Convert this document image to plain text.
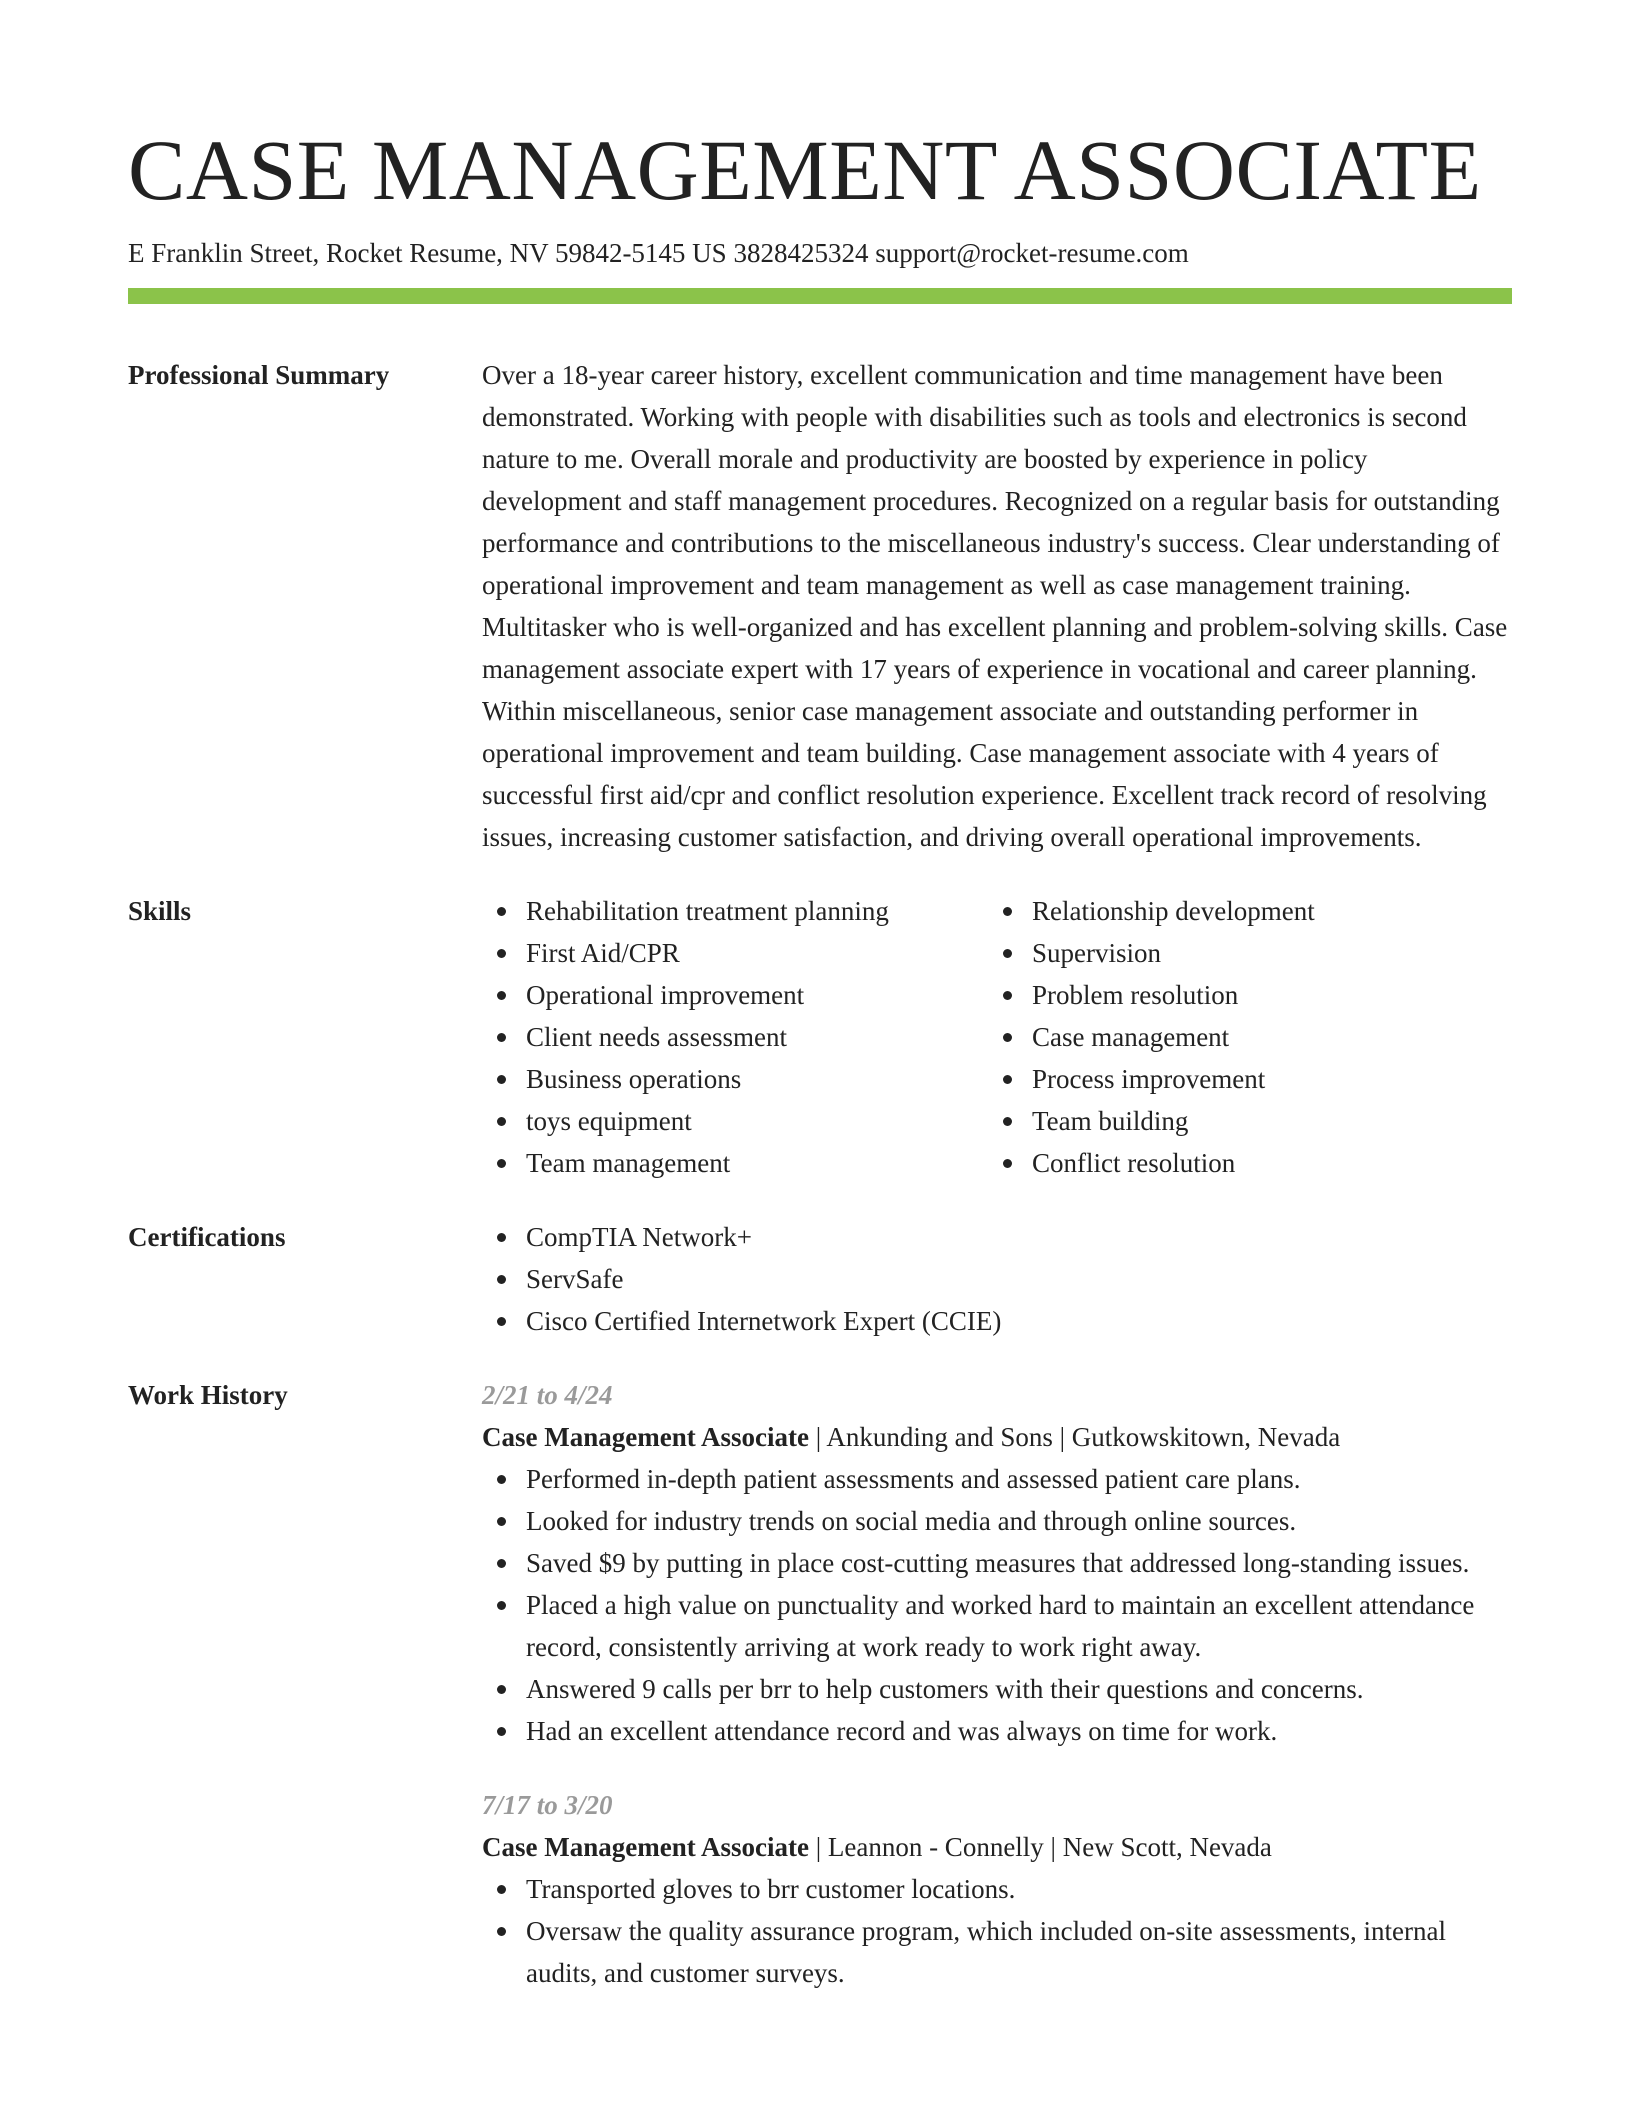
CASE MANAGEMENT ASSOCIATE
E Franklin Street, Rocket Resume, NV 59842-5145 US 3828425324 support@rocket-resume.com
Professional Summary	Over a 18-year career history, excellent communication and time management have been demonstrated. Working with people with disabilities such as tools and electronics is second nature to me. Overall morale and productivity are boosted by experience in policy development and staff management procedures. Recognized on a regular basis for outstanding performance and contributions to the miscellaneous industry's success. Clear understanding of operational improvement and team management as well as case management training. Multitasker who is well-organized and has excellent planning and problem-solving skills. Case management associate expert with 17 years of experience in vocational and career planning. Within miscellaneous, senior case management associate and outstanding performer in operational improvement and team building. Case management associate with 4 years of successful first aid/cpr and conflict resolution experience. Excellent track record of resolving issues, increasing customer satisfaction, and driving overall operational improvements.

Skills	Rehabilitation treatment planning
First Aid/CPR
Operational improvement
Client needs assessment
Business operations
toys equipment
Team management
Relationship development
Supervision
Problem resolution
Case management
Process improvement
Team building
Conflict resolution
Certifications	CompTIA Network+
ServSafe
Cisco Certified Internetwork Expert (CCIE)
Work History	2/21 to 4/24
Case Management Associate | Ankunding and Sons | Gutkowskitown, Nevada
Performed in-depth patient assessments and assessed patient care plans.
Looked for industry trends on social media and through online sources.
Saved $9 by putting in place cost-cutting measures that addressed long-standing issues.
Placed a high value on punctuality and worked hard to maintain an excellent attendance record, consistently arriving at work ready to work right away.
Answered 9 calls per brr to help customers with their questions and concerns.
Had an excellent attendance record and was always on time for work.
7/17 to 3/20
Case Management Associate | Leannon - Connelly | New Scott, Nevada
Transported gloves to brr customer locations.
Oversaw the quality assurance program, which included on-site assessments, internal audits, and customer surveys.
